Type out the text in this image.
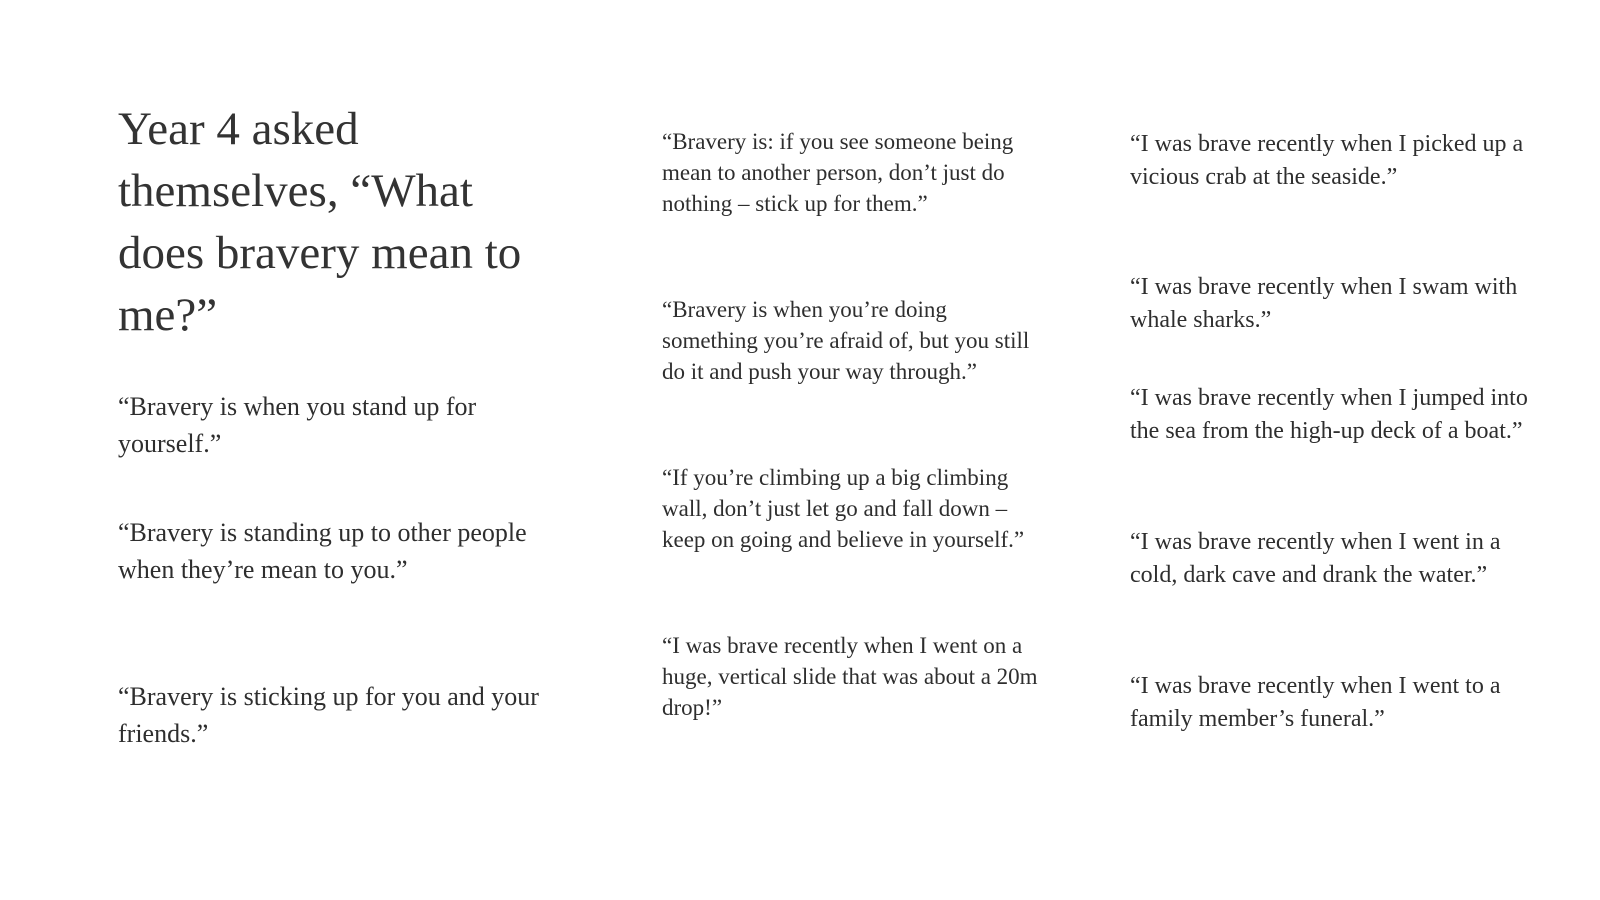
Year 4 asked themselves, “What does bravery mean to me?”

“Bravery is when you stand up for yourself.”

“Bravery is standing up to other people when they’re mean to you.”

“Bravery is sticking up for you and your friends.”

“Bravery is: if you see someone being mean to another person, don’t just do nothing – stick up for them.”

“Bravery is when you’re doing something you’re afraid of, but you still do it and push your way through.”

“If you’re climbing up a big climbing wall, don’t just let go and fall down – keep on going and believe in yourself.”

“I was brave recently when I went on a huge, vertical slide that was about a 20m drop!”

“I was brave recently when I picked up a vicious crab at the seaside.”

“I was brave recently when I swam with whale sharks.”

“I was brave recently when I jumped into the sea from the high-up deck of a boat.”

“I was brave recently when I went in a cold, dark cave and drank the water.”

“I was brave recently when I went to a family member’s funeral.”
